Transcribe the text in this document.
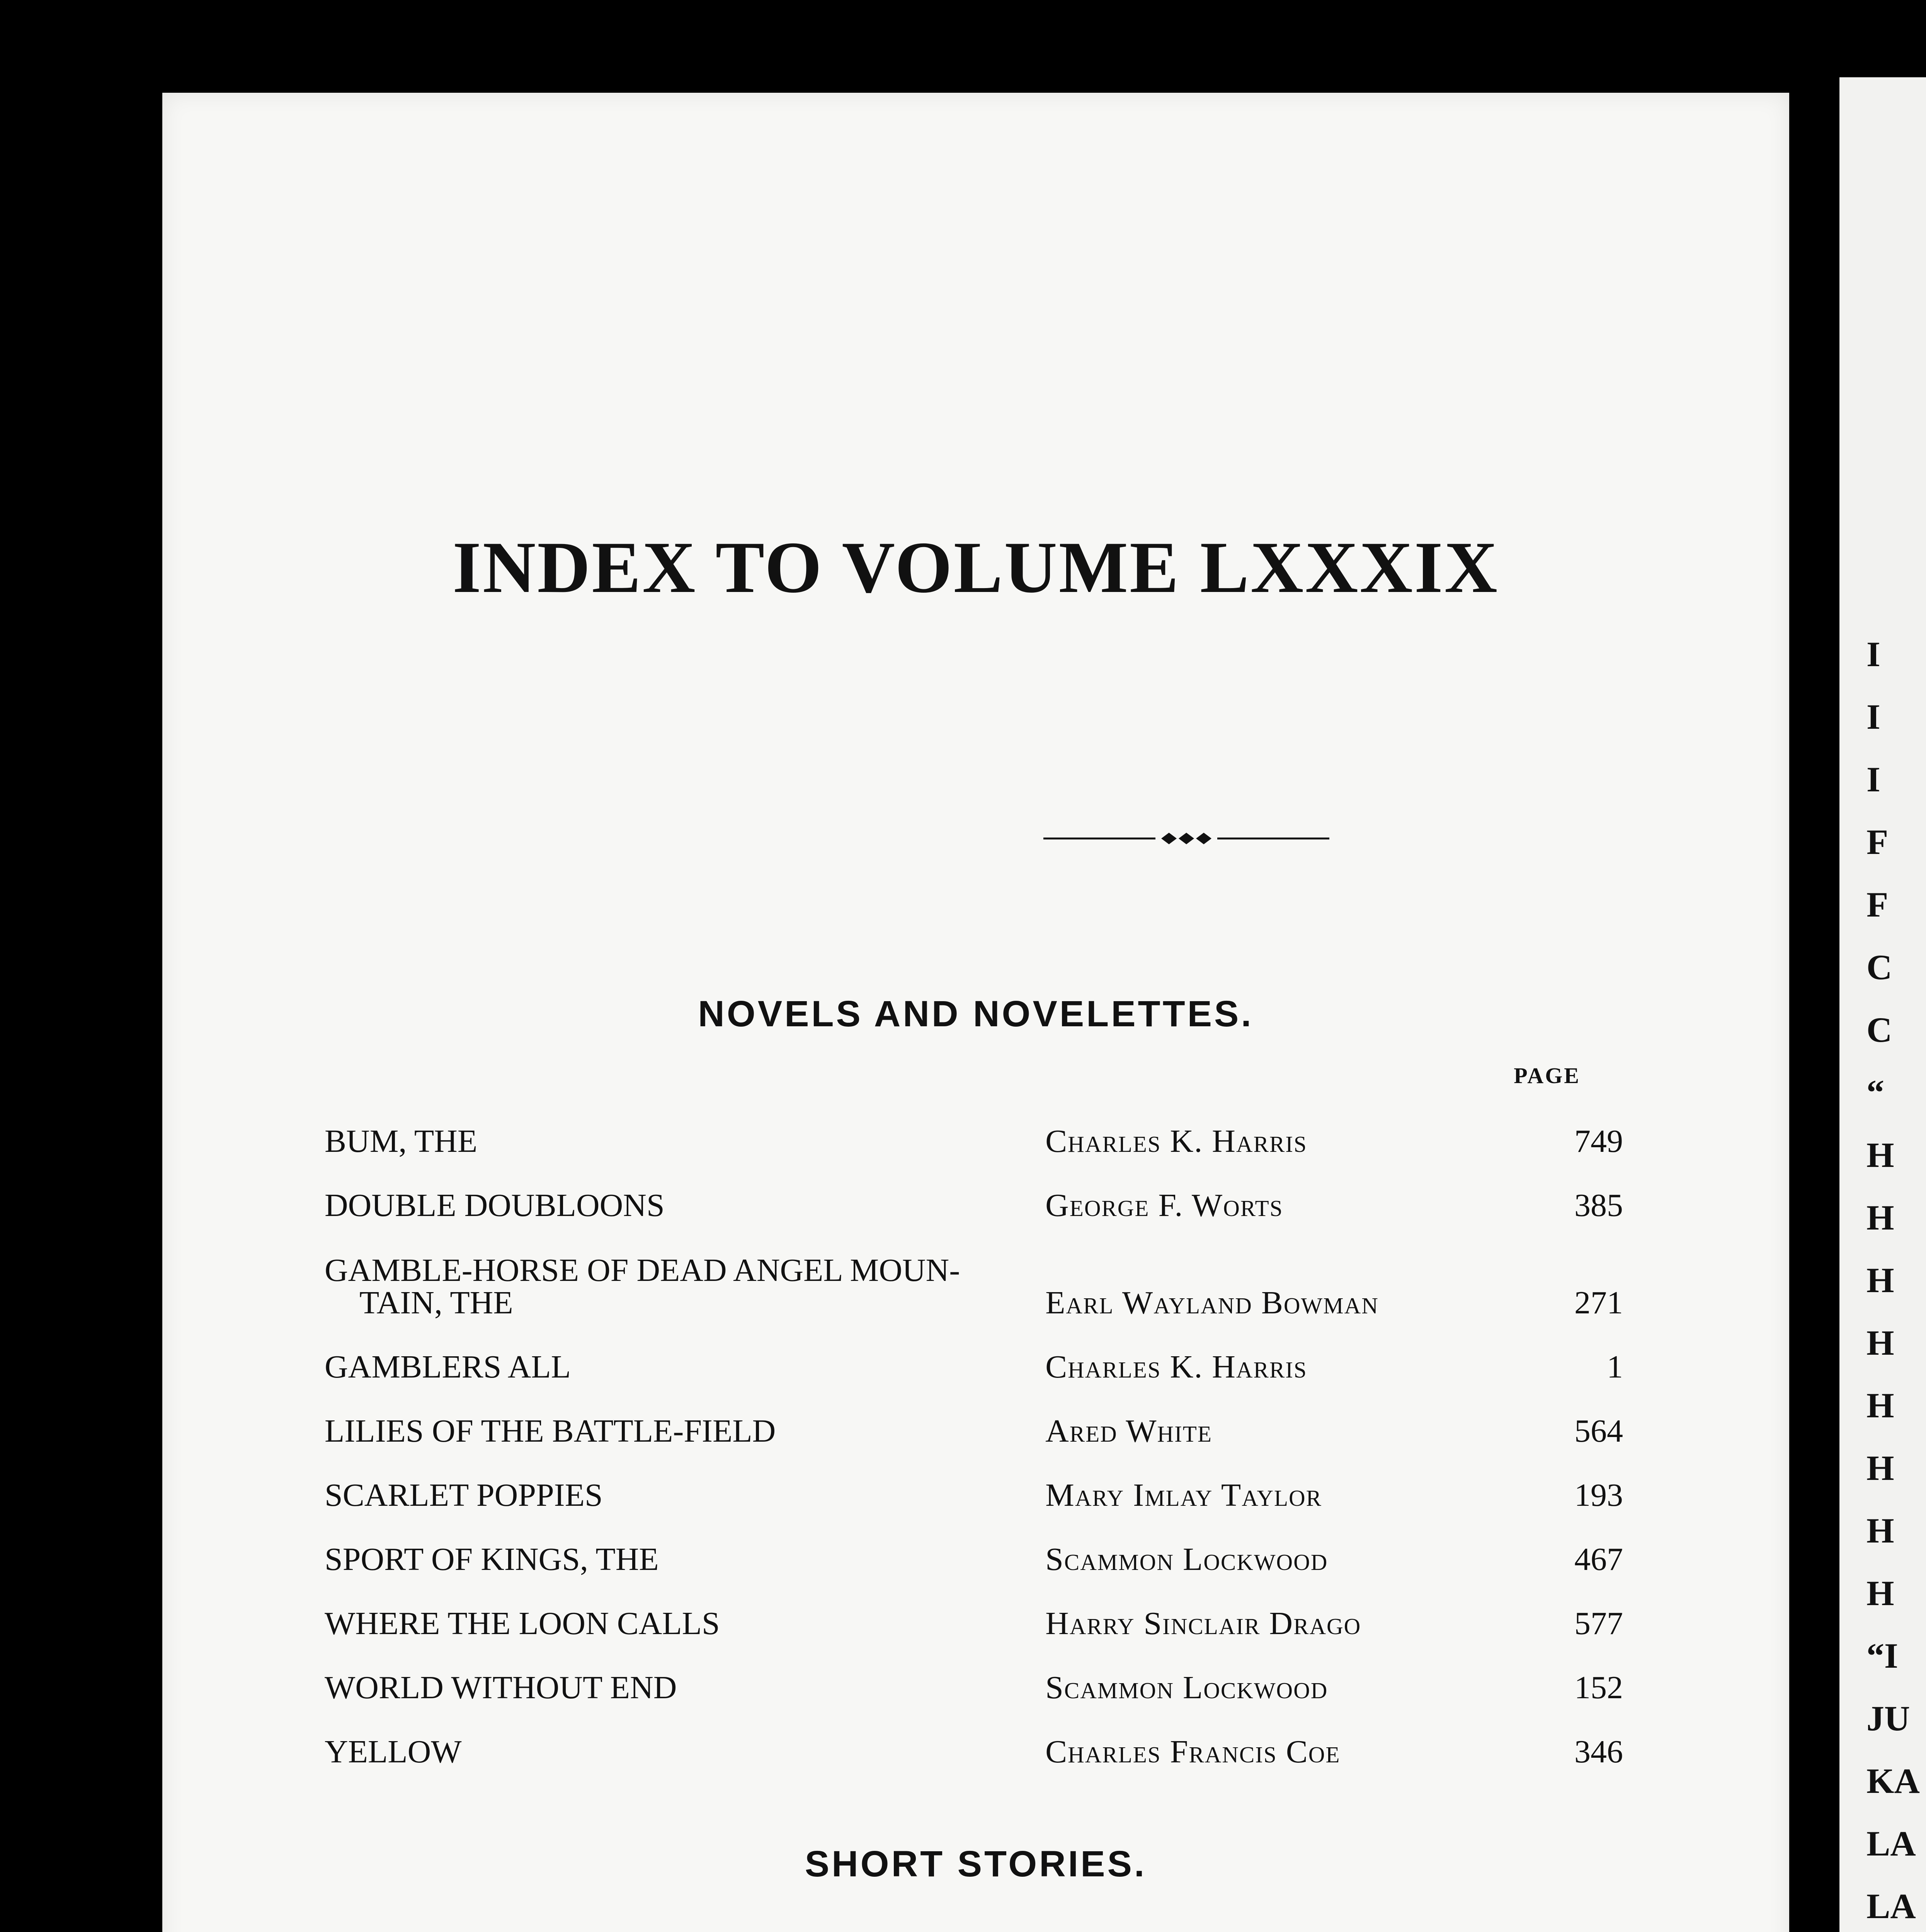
INDEX TO VOLUME LXXXIX
NOVELS AND NOVELETTES.
PAGE
BUM, THE	Charles K. Harris	749

DOUBLE DOUBLOONS	George F. Worts	385

GAMBLE-HORSE OF DEAD ANGEL MOUN-
TAIN, THE	Earl Wayland Bowman	271

GAMBLERS ALL	Charles K. Harris	1

LILIES OF THE BATTLE-FIELD	Ared White	564

SCARLET POPPIES	Mary Imlay Taylor	193

SPORT OF KINGS, THE	Scammon Lockwood	467

WHERE THE LOON CALLS	Harry Sinclair Drago	577

WORLD WITHOUT END	Scammon Lockwood	152

YELLOW	Charles Francis Coe	346
SHORT STORIES.

I
I
I
F
F
C
C
“
H
H
H
H
H
H
H
H
“I
JU
KA
LA
LA
